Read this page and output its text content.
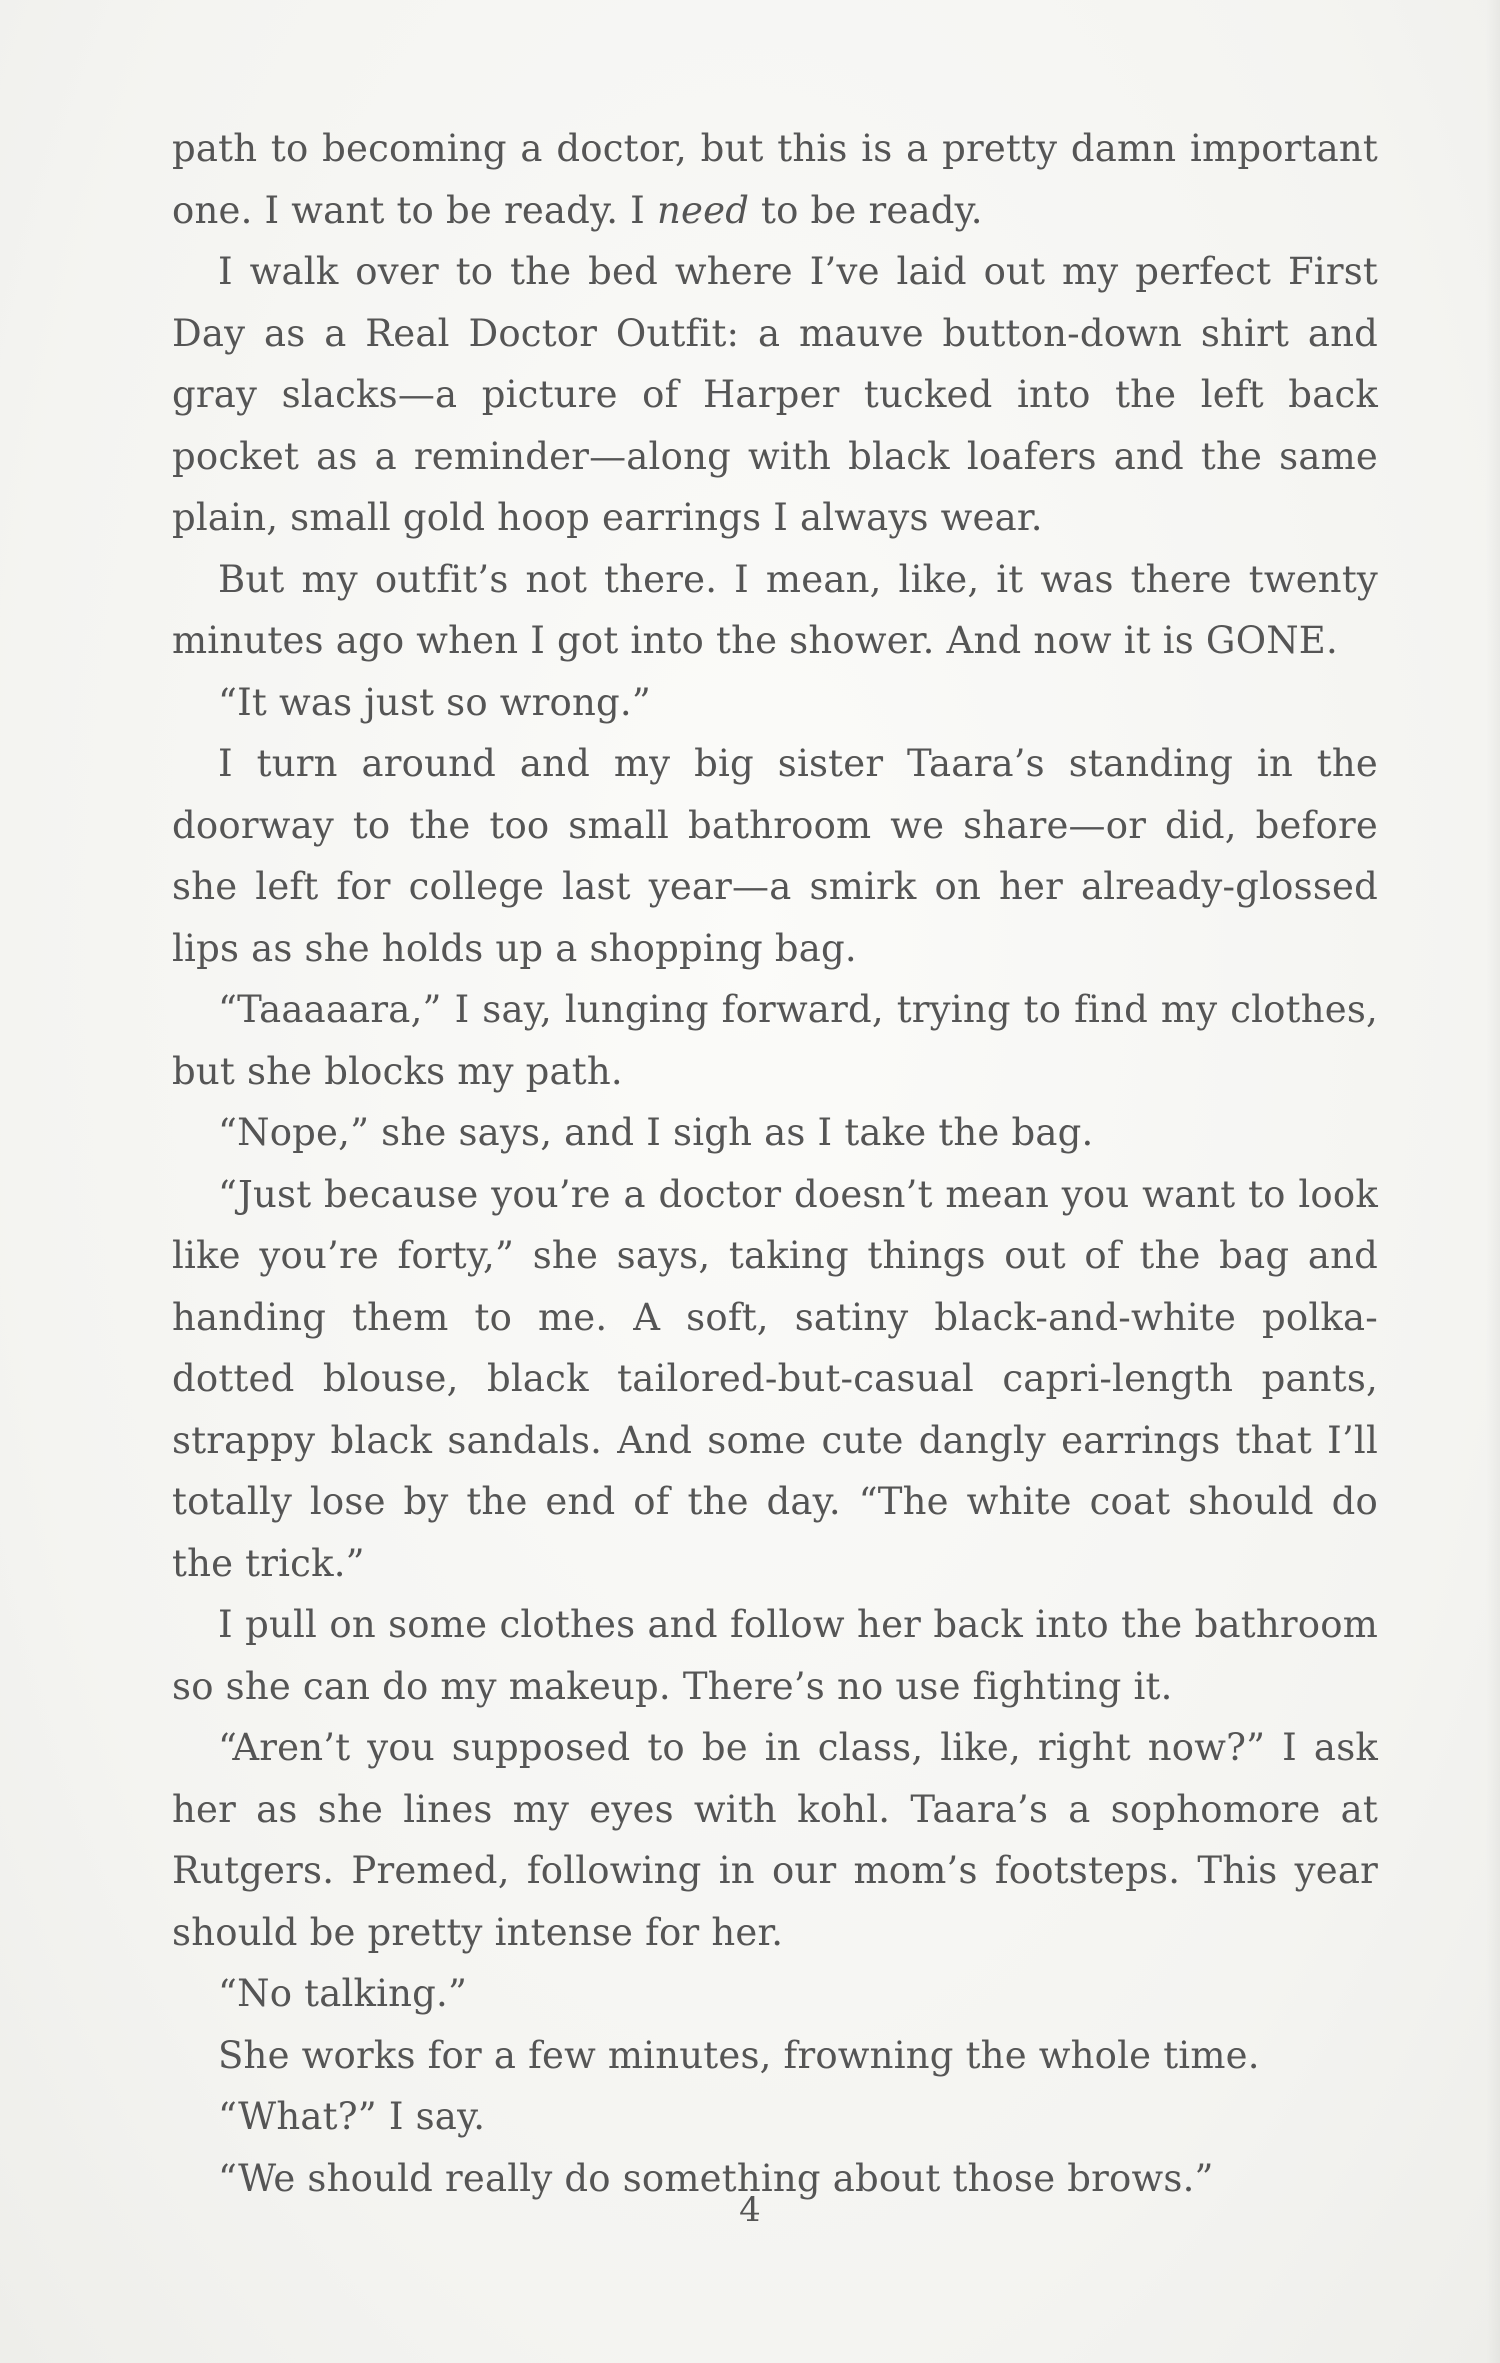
path to becoming a doctor, but this is a pretty damn important one. I want to be ready. I need to be ready.

I walk over to the bed where I’ve laid out my perfect First Day as a Real Doctor Outfit: a mauve button-down shirt and gray slacks—a picture of Harper tucked into the left back pocket as a reminder—along with black loafers and the same plain, small gold hoop earrings I always wear.

But my outfit’s not there. I mean, like, it was there twenty minutes ago when I got into the shower. And now it is GONE.

“It was just so wrong.”

I turn around and my big sister Taara’s standing in the doorway to the too small bathroom we share—or did, before she left for college last year—a smirk on her already-glossed lips as she holds up a shopping bag.

“Taaaaara,” I say, lunging forward, trying to find my clothes, but she blocks my path.

“Nope,” she says, and I sigh as I take the bag.

“Just because you’re a doctor doesn’t mean you want to look like you’re forty,” she says, taking things out of the bag and handing them to me. A soft, satiny black-and-white polka-dotted blouse, black tailored-but-casual capri-length pants, strappy black sandals. And some cute dangly earrings that I’ll totally lose by the end of the day. “The white coat should do the trick.”

I pull on some clothes and follow her back into the bathroom so she can do my makeup. There’s no use fighting it.

“Aren’t you supposed to be in class, like, right now?” I ask her as she lines my eyes with kohl. Taara’s a sophomore at Rutgers. Premed, following in our mom’s footsteps. This year should be pretty intense for her.

“No talking.”

She works for a few minutes, frowning the whole time.

“What?” I say.

“We should really do something about those brows.”

4
